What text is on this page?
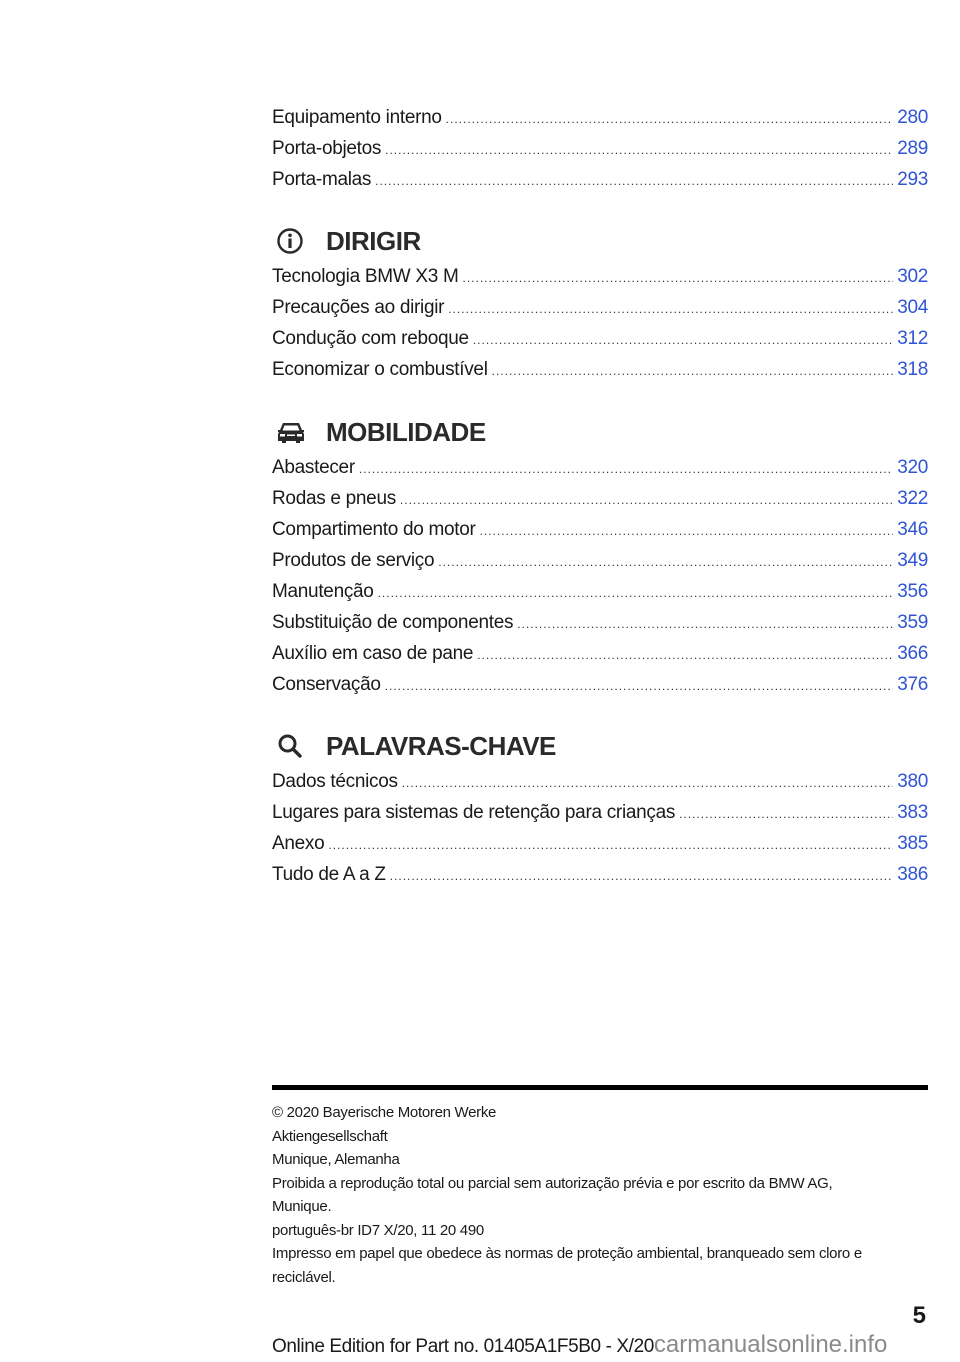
Equipamento interno .....	280
Porta-objetos .....	289
Porta-malas .....	293
DIRIGIR
Tecnologia BMW X3 M .....	302
Precauções ao dirigir .....	304
Condução com reboque .....	312
Economizar o combustível .....	318
MOBILIDADE
Abastecer .....	320
Rodas e pneus .....	322
Compartimento do motor .....	346
Produtos de serviço .....	349
Manutenção .....	356
Substituição de componentes .....	359
Auxílio em caso de pane .....	366
Conservação .....	376
PALAVRAS-CHAVE
Dados técnicos .....	380
Lugares para sistemas de retenção para crianças .....	383
Anexo .....	385
Tudo de A a Z .....	386
© 2020 Bayerische Motoren Werke
Aktiengesellschaft
Munique, Alemanha
Proibida a reprodução total ou parcial sem autorização prévia e por escrito da BMW AG,
Munique.
português-br ID7 X/20, 11 20 490
Impresso em papel que obedece às normas de proteção ambiental, branqueado sem cloro e
reciclável.
5
Online Edition for Part no. 01405A1F5B0 - X/20carmanualsonline.info
